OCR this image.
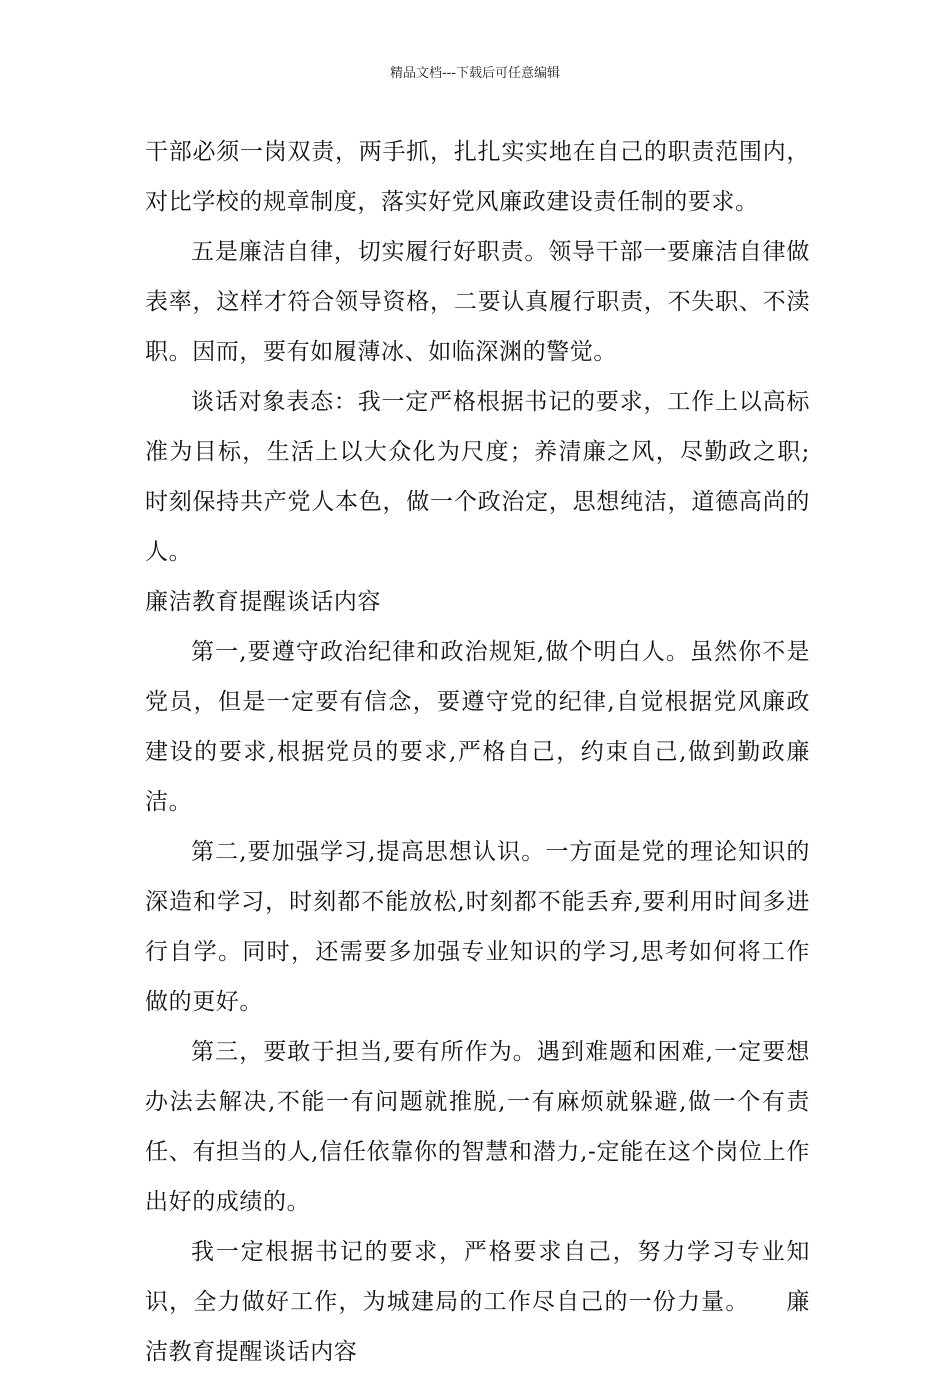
精品文档---下载后可任意编辑

干部必须一岗双责，两手抓，扎扎实实地在自己的职责范围内，对比学校的规章制度，落实好党风廉政建设责任制的要求。

五是廉洁自律，切实履行好职责。领导干部一要廉洁自律做表率，这样才符合领导资格，二要认真履行职责，不失职、不渎职。因而，要有如履薄冰、如临深渊的警觉。

谈话对象表态：我一定严格根据书记的要求，工作上以高标准为目标，生活上以大众化为尺度；养清廉之风，尽勤政之职;时刻保持共产党人本色，做一个政治定，思想纯洁，道德高尚的人。

廉洁教育提醒谈话内容

第一,要遵守政治纪律和政治规矩,做个明白人。虽然你不是党员，但是一定要有信念，要遵守党的纪律,自觉根据党风廉政建设的要求,根据党员的要求,严格自己，约束自己,做到勤政廉洁。

第二,要加强学习,提高思想认识。一方面是党的理论知识的深造和学习，时刻都不能放松,时刻都不能丢弃,要利用时间多进行自学。同时，还需要多加强专业知识的学习,思考如何将工作做的更好。

第三，要敢于担当,要有所作为。遇到难题和困难,一定要想办法去解决,不能一有问题就推脱,一有麻烦就躲避,做一个有责任、有担当的人,信任依靠你的智慧和潜力,-定能在这个岗位上作出好的成绩的。

我一定根据书记的要求，严格要求自己，努力学习专业知识，全力做好工作，为城建局的工作尽自己的一份力量。　　廉洁教育提醒谈话内容
